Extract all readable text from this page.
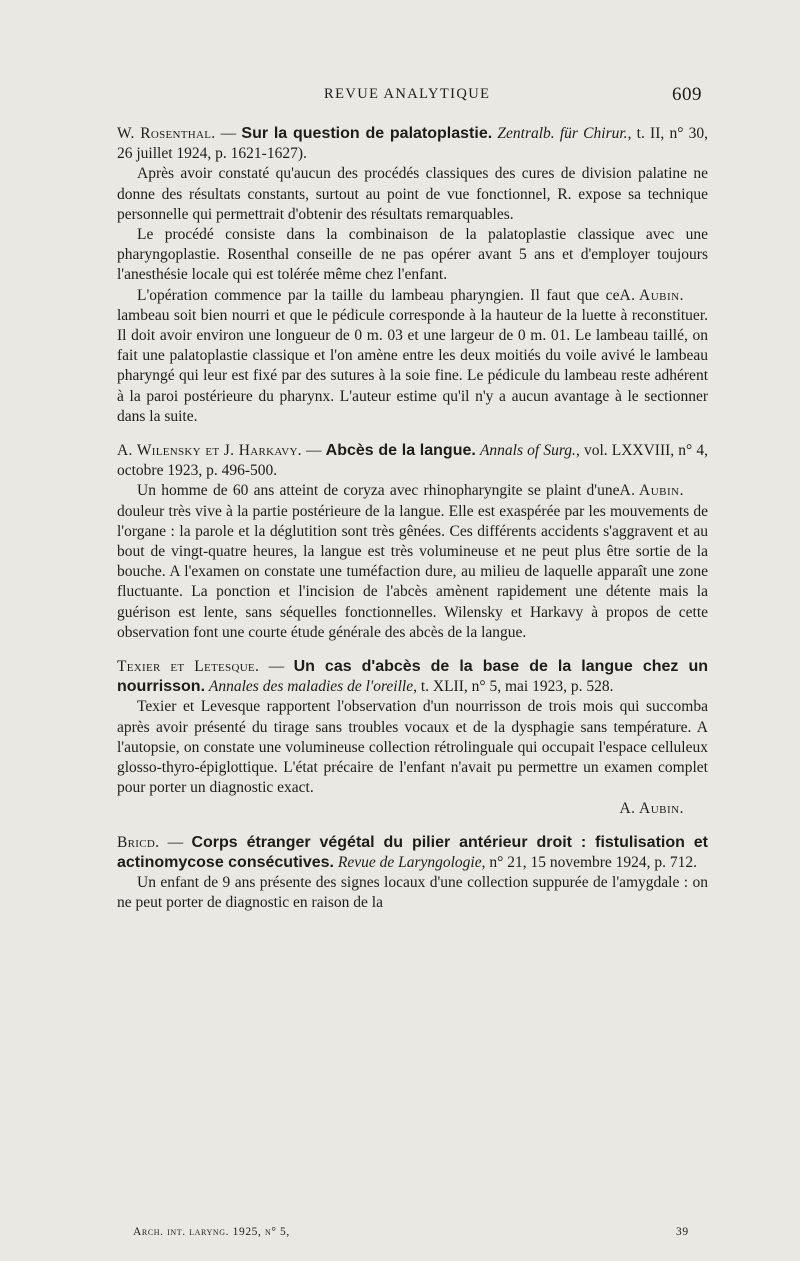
REVUE ANALYTIQUE	609

W. Rosenthal. — Sur la question de palatoplastie. Zentralb. für Chirur., t. II, n° 30, 26 juillet 1924, p. 1621-1627).

Après avoir constaté qu'aucun des procédés classiques des cures de division palatine ne donne des résultats constants, surtout au point de vue fonctionnel, R. expose sa technique personnelle qui permettrait d'obtenir des résultats remarquables.

Le procédé consiste dans la combinaison de la palatoplastie classique avec une pharyngoplastie. Rosenthal conseille de ne pas opérer avant 5 ans et d'employer toujours l'anesthésie locale qui est tolérée même chez l'enfant.

A. Aubin.
L'opération commence par la taille du lambeau pharyngien. Il faut que ce lambeau soit bien nourri et que le pédicule corresponde à la hauteur de la luette à reconstituer. Il doit avoir environ une longueur de 0 m. 03 et une largeur de 0 m. 01. Le lambeau taillé, on fait une palatoplastie classique et l'on amène entre les deux moitiés du voile avivé le lambeau pharyngé qui leur est fixé par des sutures à la soie fine. Le pédicule du lambeau reste adhérent à la paroi postérieure du pharynx. L'auteur estime qu'il n'y a aucun avantage à le sectionner dans la suite.

A. Wilensky et J. Harkavy. — Abcès de la langue. Annals of Surg., vol. LXXVIII, n° 4, octobre 1923, p. 496-500.

A. Aubin.
Un homme de 60 ans atteint de coryza avec rhinopharyngite se plaint d'une douleur très vive à la partie postérieure de la langue. Elle est exaspérée par les mouvements de l'organe : la parole et la déglutition sont très gênées. Ces différents accidents s'aggravent et au bout de vingt-quatre heures, la langue est très volumineuse et ne peut plus être sortie de la bouche. A l'examen on constate une tuméfaction dure, au milieu de laquelle apparaît une zone fluctuante. La ponction et l'incision de l'abcès amènent rapidement une détente mais la guérison est lente, sans séquelles fonctionnelles. Wilensky et Harkavy à propos de cette observation font une courte étude générale des abcès de la langue.

Texier et Letesque. — Un cas d'abcès de la base de la langue chez un nourrisson. Annales des maladies de l'oreille, t. XLII, n° 5, mai 1923, p. 528.

Texier et Levesque rapportent l'observation d'un nourrisson de trois mois qui succomba après avoir présenté du tirage sans troubles vocaux et de la dysphagie sans température. A l'autopsie, on constate une volumineuse collection rétrolinguale qui occupait l'espace celluleux glosso-thyro-épiglottique. L'état précaire de l'enfant n'avait pu permettre un examen complet pour porter un diagnostic exact.

A. Aubin.

Bricd. — Corps étranger végétal du pilier antérieur droit : fistulisation et actinomycose consécutives. Revue de Laryngologie, n° 21, 15 novembre 1924, p. 712.

Un enfant de 9 ans présente des signes locaux d'une collection suppurée de l'amygdale : on ne peut porter de diagnostic en raison de la

Arch. int. laryng. 1925, n° 5,	39
